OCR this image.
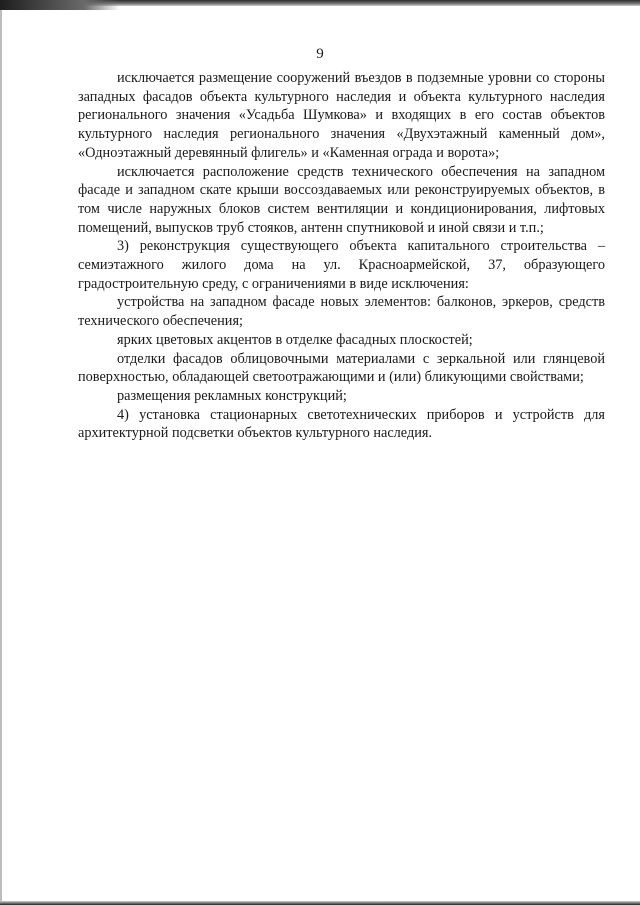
9

исключается размещение сооружений въездов в подземные уровни со стороны западных фасадов объекта культурного наследия и объекта культурного наследия регионального значения «Усадьба Шумкова» и входящих в его состав объектов культурного наследия регионального значения «Двухэтажный каменный дом», «Одноэтажный деревянный флигель» и «Каменная ограда и ворота»;

исключается расположение средств технического обеспечения на западном фасаде и западном скате крыши воссоздаваемых или реконструируемых объектов, в том числе наружных блоков систем вентиляции и кондиционирования, лифтовых помещений, выпусков труб стояков, антенн спутниковой и иной связи и т.п.;

3) реконструкция существующего объекта капитального строительства – семиэтажного жилого дома на ул. Красноармейской, 37, образующего градостроительную среду, с ограничениями в виде исключения:

устройства на западном фасаде новых элементов: балконов, эркеров, средств технического обеспечения;

ярких цветовых акцентов в отделке фасадных плоскостей;

отделки фасадов облицовочными материалами с зеркальной или глянцевой поверхностью, обладающей светоотражающими и (или) бликующими свойствами;

размещения рекламных конструкций;

4) установка стационарных светотехнических приборов и устройств для архитектурной подсветки объектов культурного наследия.
